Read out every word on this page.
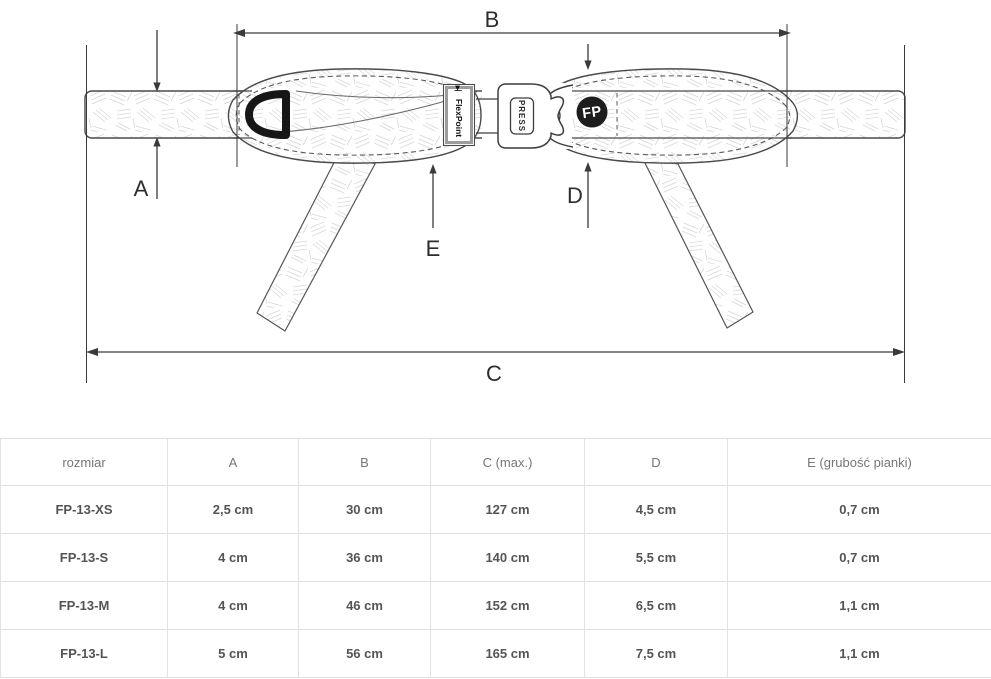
▶▏
FlexPoint	PRESS	FP
B
A
C
D
E
rozmiar	A	B	C (max.)	D	E (grubość pianki)
FP-13-XS	2,5 cm	30 cm	127 cm	4,5 cm	0,7 cm
FP-13-S	4 cm	36 cm	140 cm	5,5 cm	0,7 cm
FP-13-M	4 cm	46 cm	152 cm	6,5 cm	1,1 cm
FP-13-L	5 cm	56 cm	165 cm	7,5 cm	1,1 cm
